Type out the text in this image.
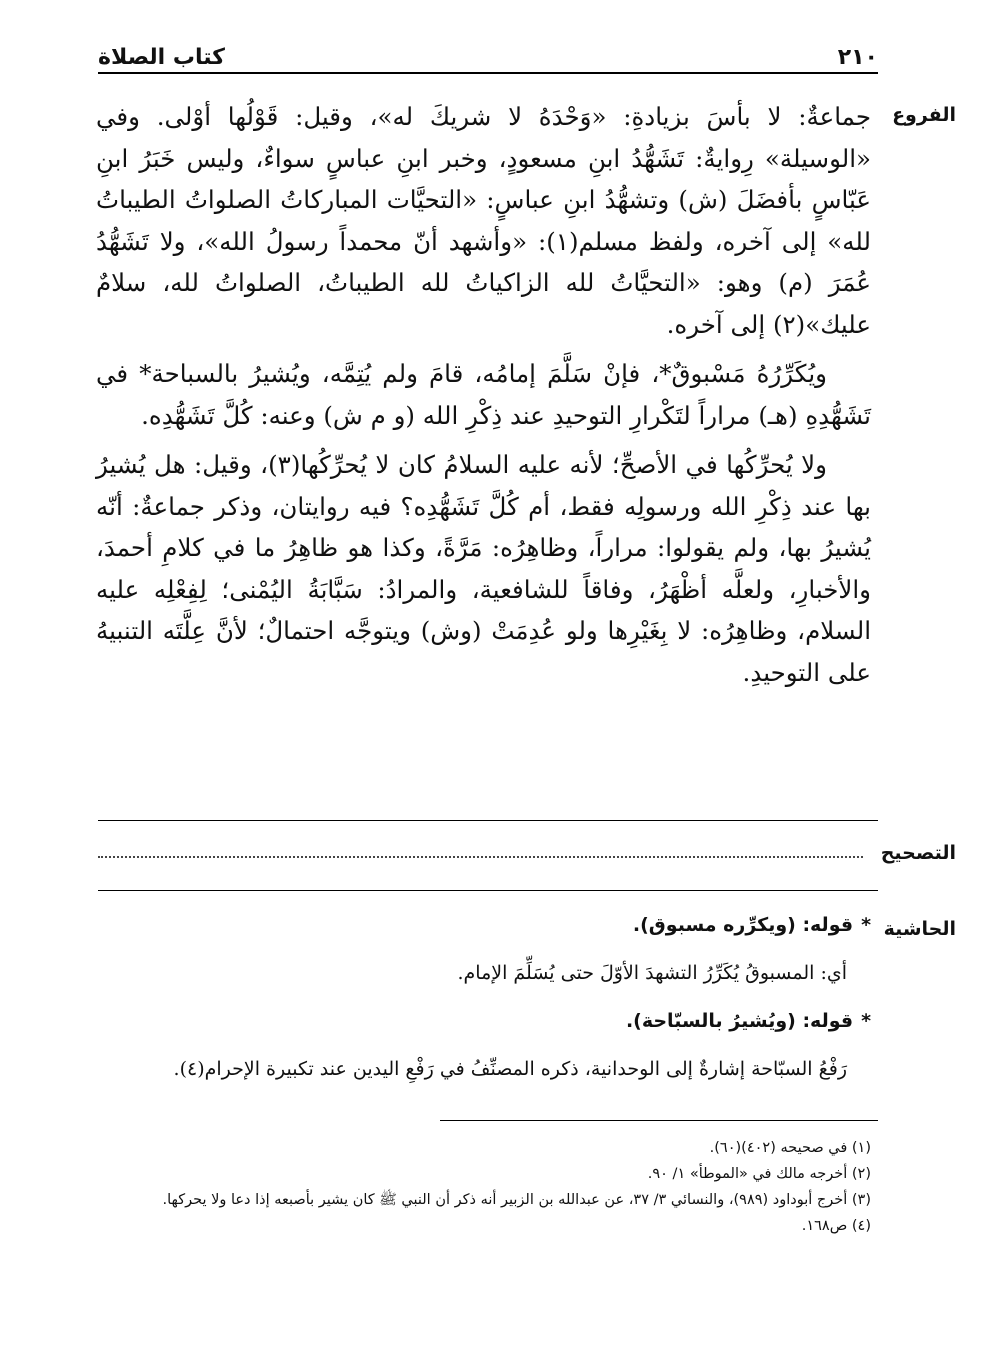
٢١٠
كتاب الصلاة
الفروع

جماعةٌ: لا بأسَ بزيادةِ: «وَحْدَهُ لا شريكَ له»، وقيل: قَوْلُها أوْلى. وفي «الوسيلة» رِوايةٌ: تَشَهُّدُ ابنِ مسعودٍ، وخبر ابنِ عباسٍ سواءٌ، وليس خَبَرُ ابنِ عَبّاسٍ بأفضَلَ (ش) وتشهُّدُ ابنِ عباسٍ: «التحيَّات المباركاتُ الصلواتُ الطيباتُ لله» إلى آخره، ولفظ مسلم(١): «وأشهد أنّ محمداً رسولُ الله»، ولا تَشَهُّدُ عُمَرَ (م) وهو: «التحيَّاتُ لله الزاكياتُ لله الطيباتُ، الصلواتُ لله، سلامٌ عليك»(٢) إلى آخره.

ويُكَرِّرُهُ مَسْبوقٌ*، فإنْ سَلَّمَ إمامُه، قامَ ولم يُتِمَّه، ويُشيرُ بالسباحة* في تَشَهُّدِهِ (هـ) مراراً لتَكْرارِ التوحيدِ عند ذِكْرِ الله (و م ش) وعنه: كُلَّ تَشَهُّدِه.

ولا يُحرِّكُها في الأصحِّ؛ لأنه عليه السلامُ كان لا يُحرِّكُها(٣)، وقيل: هل يُشيرُ بها عند ذِكْرِ الله ورسولِه فقط، أم كُلَّ تَشَهُّدِه؟ فيه روايتان، وذكر جماعةٌ: أنّه يُشيرُ بها، ولم يقولوا: مراراً، وظاهِرُه: مَرَّةً، وكذا هو ظاهِرُ ما في كلامِ أحمدَ، والأخبارِ، ولعلَّه أظْهَرُ، وفاقاً للشافعية، والمرادُ: سَبَّابَةُ اليُمْنى؛ لِفِعْلِه عليه السلام، وظاهِرُه: لا بِغَيْرِها ولو عُدِمَتْ (وش) ويتوجَّه احتمالٌ؛ لأنَّ عِلَّتَه التنبيهُ على التوحيدِ.

التصحيح
الحاشية
*قوله: (ويكرِّره مسبوق).
أي: المسبوقُ يُكَرِّرُ التشهدَ الأوّلَ حتى يُسَلِّمَ الإمام.
*قوله: (ويُشيرُ بالسبّاحة).
رَفْعُ السبّاحة إشارةٌ إلى الوحدانية، ذكره المصنِّفُ في رَفْعِ اليدين عند تكبيرة الإحرام(٤).
(١) في صحيحه (٤٠٢)(٦٠).
(٢) أخرجه مالك في «الموطأ» ١/ ٩٠.
(٣) أخرج أبوداود (٩٨٩)، والنسائي ٣/ ٣٧، عن عبدالله بن الزبير أنه ذكر أن النبي ﷺ كان يشير بأصبعه إذا دعا ولا يحركها.
(٤) ص١٦٨.
